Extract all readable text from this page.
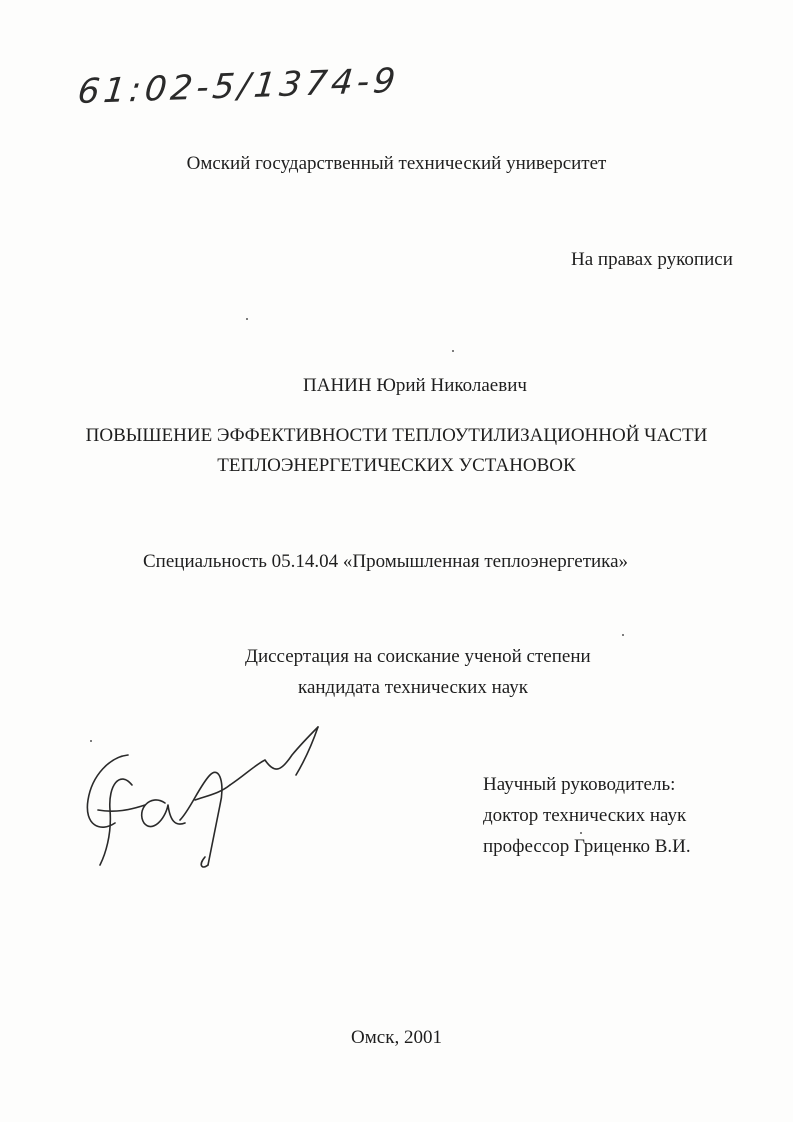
61:02-5/1374-9
Омский государственный технический университет
На правах рукописи
ПАНИН Юрий Николаевич
ПОВЫШЕНИЕ ЭФФЕКТИВНОСТИ ТЕПЛОУТИЛИЗАЦИОННОЙ ЧАСТИ
ТЕПЛОЭНЕРГЕТИЧЕСКИХ УСТАНОВОК
Специальность 05.14.04 «Промышленная теплоэнергетика»
Диссертация на соискание ученой степени
кандидата технических наук
Научный руководитель:
доктор технических наук
профессор Гриценко В.И.
Омск, 2001
